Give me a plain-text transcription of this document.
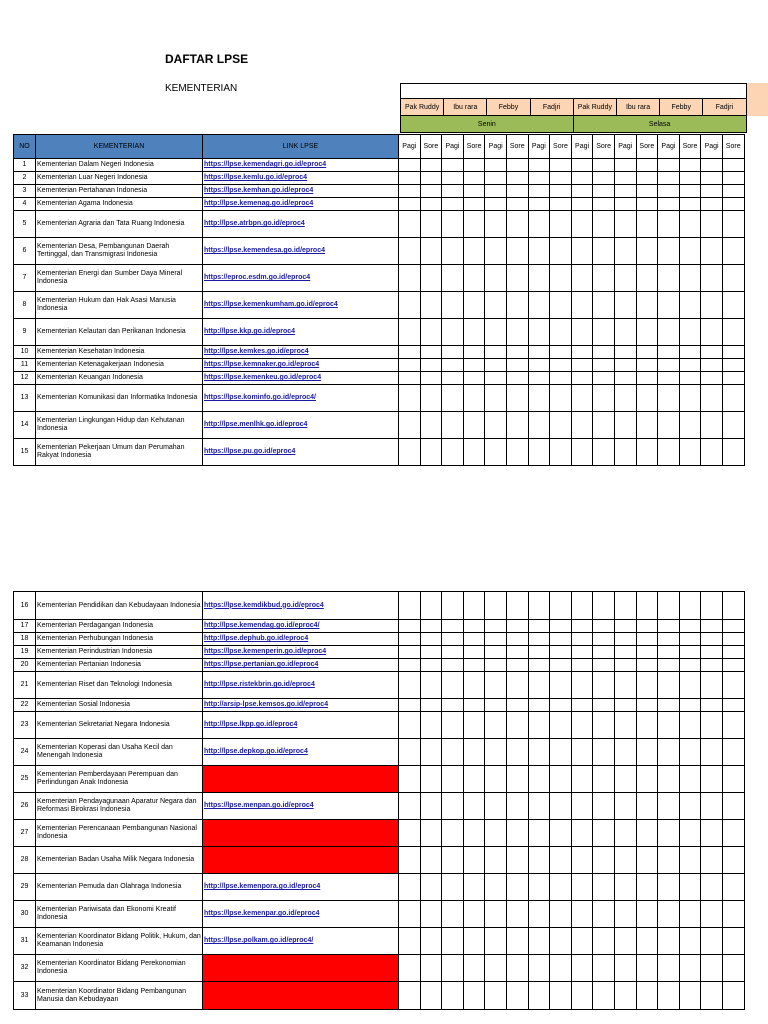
DAFTAR LPSE
KEMENTERIAN

Pak Ruddy	Ibu rara	Febby	Fadjri	Pak Ruddy	Ibu rara	Febby	Fadjri
Senin				Selasa			
NO	KEMENTERIAN	LINK LPSE	Pagi	Sore	Pagi	Sore	Pagi	Sore	Pagi	Sore	Pagi	Sore	Pagi	Sore	Pagi	Sore	Pagi	Sore
1	Kementerian Dalam Negeri Indonesia	https://lpse.kemendagri.go.id/eproc4																
2	Kementerian Luar Negeri Indonesia	https://lpse.kemlu.go.id/eproc4																
3	Kementerian Pertahanan Indonesia	https://lpse.kemhan.go.id/eproc4																
4	Kementerian Agama Indonesia	http://lpse.kemenag.go.id/eproc4																
5	Kementerian Agraria dan Tata Ruang Indonesia	http://lpse.atrbpn.go.id/eproc4																
6	Kementerian Desa, Pembangunan Daerah Tertinggal, dan Transmigrasi Indonesia	https://lpse.kemendesa.go.id/eproc4																
7	Kementerian Energi dan Sumber Daya Mineral Indonesia	https://eproc.esdm.go.id/eproc4																
8	Kementerian Hukum dan Hak Asasi Manusia Indonesia	https://lpse.kemenkumham.go.id/eproc4																
9	Kementerian Kelautan dan Perikanan Indonesia	http://lpse.kkp.go.id/eproc4																
10	Kementerian Kesehatan Indonesia	http://lpse.kemkes.go.id/eproc4																
11	Kementerian Ketenagakerjaan Indonesia	https://lpse.kemnaker.go.id/eproc4																
12	Kementerian Keuangan Indonesia	https://lpse.kemenkeu.go.id/eproc4																
13	Kementerian Komunikasi dan Informatika Indonesia	https://lpse.kominfo.go.id/eproc4/																
14	Kementerian Lingkungan Hidup dan Kehutanan Indonesia	http://lpse.menlhk.go.id/eproc4																
15	Kementerian Pekerjaan Umum dan Perumahan Rakyat Indonesia	https://lpse.pu.go.id/eproc4																
16	Kementerian Pendidikan dan Kebudayaan Indonesia	https://lpse.kemdikbud.go.id/eproc4																
17	Kementerian Perdagangan Indonesia	http://lpse.kemendag.go.id/eproc4/																
18	Kementerian Perhubungan Indonesia	http://lpse.dephub.go.id/eproc4																
19	Kementerian Perindustrian Indonesia	https://lpse.kemenperin.go.id/eproc4																
20	Kementerian Pertanian Indonesia	https://lpse.pertanian.go.id/eproc4																
21	Kementerian Riset dan Teknologi Indonesia	http://lpse.ristekbrin.go.id/eproc4																
22	Kementerian Sosial Indonesia	http://arsip-lpse.kemsos.go.id/eproc4																
23	Kementerian Sekretariat Negara Indonesia	http://lpse.lkpp.go.id/eproc4																
24	Kementerian Koperasi dan Usaha Kecil dan Menengah Indonesia	http://lpse.depkop.go.id/eproc4																
25	Kementerian Pemberdayaan Perempuan dan Perlindungan Anak Indonesia																	
26	Kementerian Pendayagunaan Aparatur Negara dan Reformasi Birokrasi Indonesia	https://lpse.menpan.go.id/eproc4																
27	Kementerian Perencanaan Pembangunan Nasional Indonesia																	
28	Kementerian Badan Usaha Milik Negara Indonesia																	
29	Kementerian Pemuda dan Olahraga Indonesia	http://lpse.kemenpora.go.id/eproc4																
30	Kementerian Pariwisata dan Ekonomi Kreatif Indonesia	https://lpse.kemenpar.go.id/eproc4																
31	Kementerian Koordinator Bidang Politik, Hukum, dan Keamanan Indonesia	https://lpse.polkam.go.id/eproc4/																
32	Kementerian Koordinator Bidang Perekonomian Indonesia																	
33	Kementerian Koordinator Bidang Pembangunan Manusia dan Kebudayaan																	
